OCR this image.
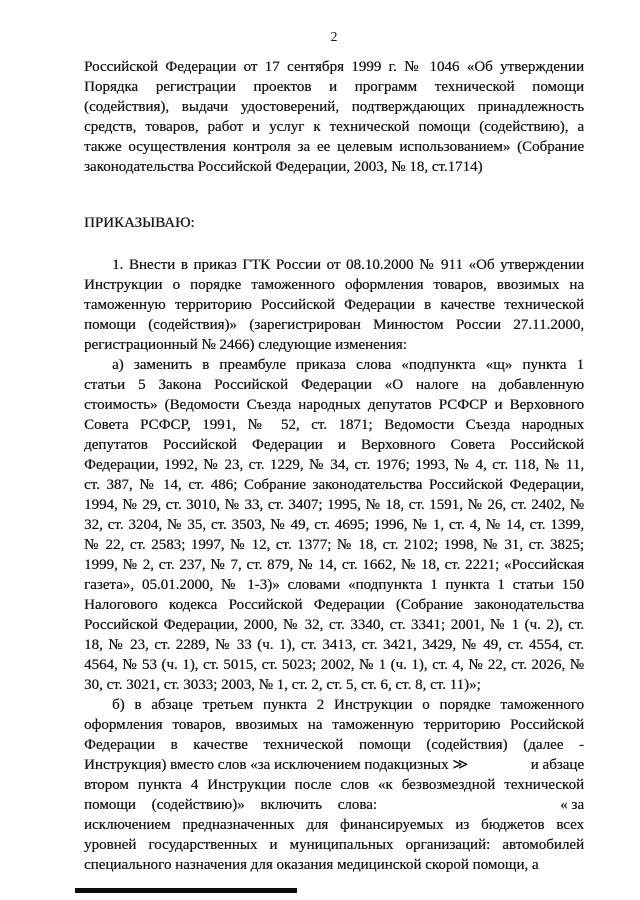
2
Российской Федерации от 17 сентября 1999 г. № 1046 «Об утверждении
Порядка регистрации проектов и программ технической помощи
(содействия), выдачи удостоверений, подтверждающих принадлежность
средств, товаров, работ и услуг к технической помощи (содействию), а
также осуществления контроля за ее целевым использованием» (Собрание
законодательства Российской Федерации, 2003, № 18, ст.1714)
ПРИКАЗЫВАЮ:
1. Внести в приказ ГТК России от 08.10.2000 № 911 «Об утверждении
Инструкции о порядке таможенного оформления товаров, ввозимых на
таможенную территорию Российской Федерации в качестве технической
помощи (содействия)» (зарегистрирован Минюстом России 27.11.2000,
регистрационный № 2466) следующие изменения:
а) заменить в преамбуле приказа слова «подпункта «щ» пункта 1
статьи 5 Закона Российской Федерации «О налоге на добавленную
стоимость» (Ведомости Съезда народных депутатов РСФСР и Верховного
Совета РСФСР, 1991, № 52, ст. 1871; Ведомости Съезда народных
депутатов Российской Федерации и Верховного Совета Российской
Федерации, 1992, № 23, ст. 1229, № 34, ст. 1976; 1993, № 4, ст. 118, № 11,
ст. 387, № 14, ст. 486; Собрание законодательства Российской Федерации,
1994, № 29, ст. 3010, № 33, ст. 3407; 1995, № 18, ст. 1591, № 26, ст. 2402, №
32, ст. 3204, № 35, ст. 3503, № 49, ст. 4695; 1996, № 1, ст. 4, № 14, ст. 1399,
№ 22, ст. 2583; 1997, № 12, ст. 1377; № 18, ст. 2102; 1998, № 31, ст. 3825;
1999, № 2, ст. 237, № 7, ст. 879, № 14, ст. 1662, № 18, ст. 2221; «Российская
газета», 05.01.2000, № 1-3)» словами «подпункта 1 пункта 1 статьи 150
Налогового кодекса Российской Федерации (Собрание законодательства
Российской Федерации, 2000, № 32, ст. 3340, ст. 3341; 2001, № 1 (ч. 2), ст.
18, № 23, ст. 2289, № 33 (ч. 1), ст. 3413, ст. 3421, 3429, № 49, ст. 4554, ст.
4564, № 53 (ч. 1), ст. 5015, ст. 5023; 2002, № 1 (ч. 1), ст. 4, № 22, ст. 2026, №
30, ст. 3021, ст. 3033; 2003, № 1, ст. 2, ст. 5, ст. 6, ст. 8, ст. 11)»;
б) в абзаце третьем пункта 2 Инструкции о порядке таможенного
оформления товаров, ввозимых на таможенную территорию Российской
Федерации в качестве технической помощи (содействия) (далее -
Инструкция) вместо слов «за исключением подакцизных ≫	и абзаце
втором пункта 4 Инструкции после слов «к безвозмездной технической
помощи (содействию)» включить слова:	« за
исключением предназначенных для финансируемых из бюджетов всех
уровней государственных и муниципальных организаций: автомобилей
специального назначения для оказания медицинской скорой помощи, а
